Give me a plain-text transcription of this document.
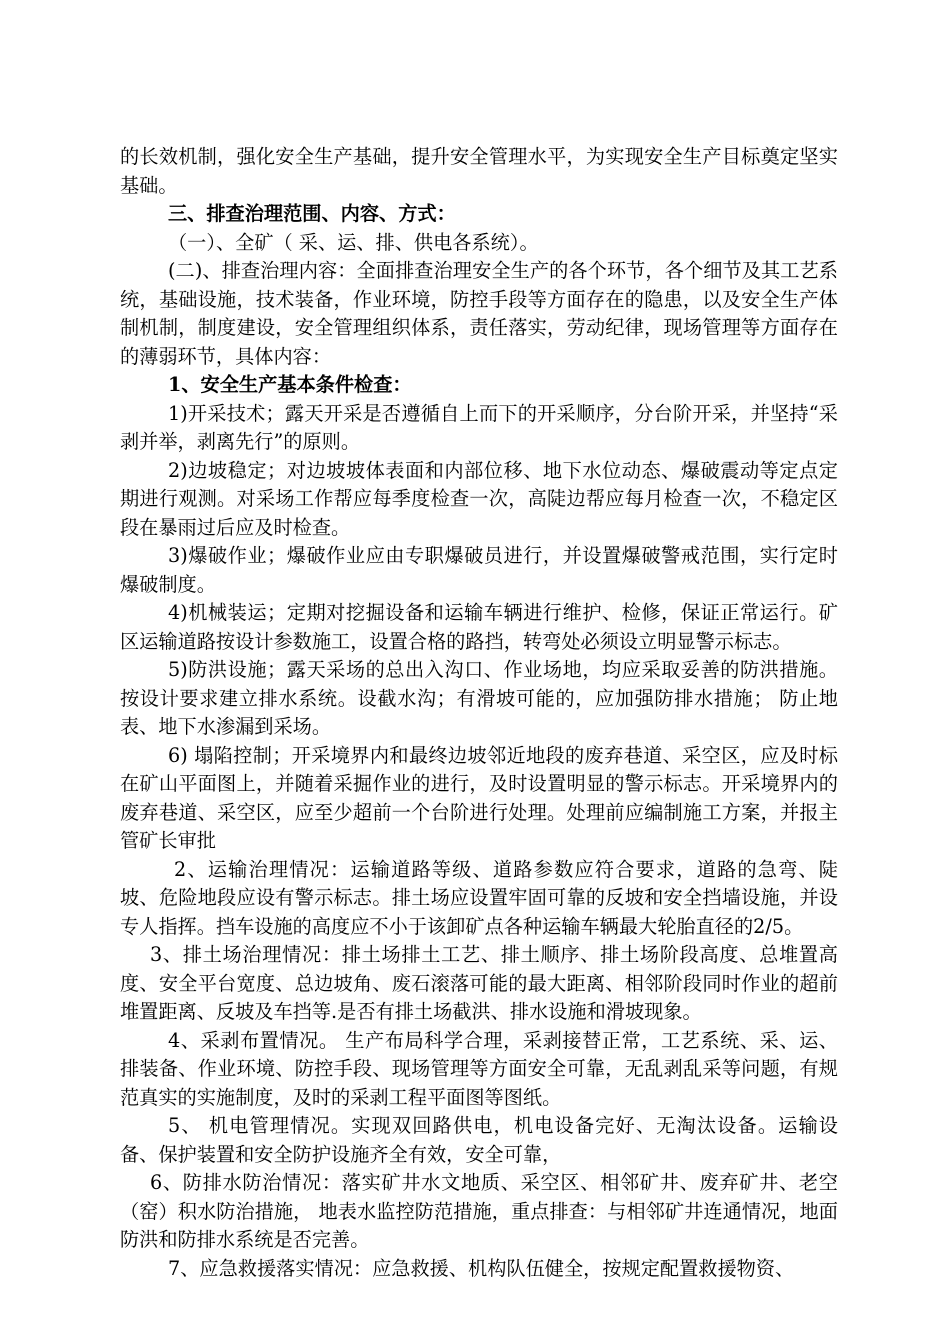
的长效机制，强化安全生产基础，提升安全管理水平，为实现安全生产目标奠定坚实基础。

三、排查治理范围、内容、方式：

（一）、全矿（ 采、运、排、供电各系统）。

(二)、排查治理内容：全面排查治理安全生产的各个环节，各个细节及其工艺系统，基础设施，技术装备，作业环境，防控手段等方面存在的隐患，以及安全生产体制机制，制度建设，安全管理组织体系，责任落实，劳动纪律，现场管理等方面存在的薄弱环节，具体内容：

1、安全生产基本条件检查：

1)开采技术；露天开采是否遵循自上而下的开采顺序，分台阶开采，并坚持“采剥并举，剥离先行”的原则。

2)边坡稳定；对边坡坡体表面和内部位移、地下水位动态、爆破震动等定点定期进行观测。对采场工作帮应每季度检查一次，高陡边帮应每月检查一次，不稳定区段在暴雨过后应及时检查。

3)爆破作业；爆破作业应由专职爆破员进行，并设置爆破警戒范围，实行定时爆破制度。

4)机械装运；定期对挖掘设备和运输车辆进行维护、检修，保证正常运行。矿区运输道路按设计参数施工，设置合格的路挡，转弯处必须设立明显警示标志。

5)防洪设施；露天采场的总出入沟口、作业场地，均应采取妥善的防洪措施。按设计要求建立排水系统。设截水沟；有滑坡可能的，应加强防排水措施； 防止地表、地下水渗漏到采场。

6) 塌陷控制；开采境界内和最终边坡邻近地段的废弃巷道、采空区，应及时标在矿山平面图上，并随着采掘作业的进行，及时设置明显的警示标志。开采境界内的废弃巷道、采空区，应至少超前一个台阶进行处理。处理前应编制施工方案，并报主管矿长审批

2、运输治理情况：运输道路等级、道路参数应符合要求，道路的急弯、陡坡、危险地段应设有警示标志。排土场应设置牢固可靠的反坡和安全挡墙设施，并设专人指挥。挡车设施的高度应不小于该卸矿点各种运输车辆最大轮胎直径的2/5。

3、排土场治理情况：排土场排土工艺、排土顺序、排土场阶段高度、总堆置高度、安全平台宽度、总边坡角、废石滚落可能的最大距离、相邻阶段同时作业的超前堆置距离、反坡及车挡等.是否有排土场截洪、排水设施和滑坡现象。

4、采剥布置情况。 生产布局科学合理，采剥接替正常，工艺系统、采、运、排装备、作业环境、防控手段、现场管理等方面安全可靠，无乱剥乱采等问题，有规范真实的实施制度，及时的采剥工程平面图等图纸。

5、 机电管理情况。实现双回路供电，机电设备完好、无淘汰设备。运输设备、保护装置和安全防护设施齐全有效，安全可靠，

6、防排水防治情况：落实矿井水文地质、采空区、相邻矿井、废弃矿井、老空（窑）积水防治措施， 地表水监控防范措施，重点排查：与相邻矿井连通情况，地面防洪和防排水系统是否完善。

7、应急救援落实情况：应急救援、机构队伍健全，按规定配置救援物资、
